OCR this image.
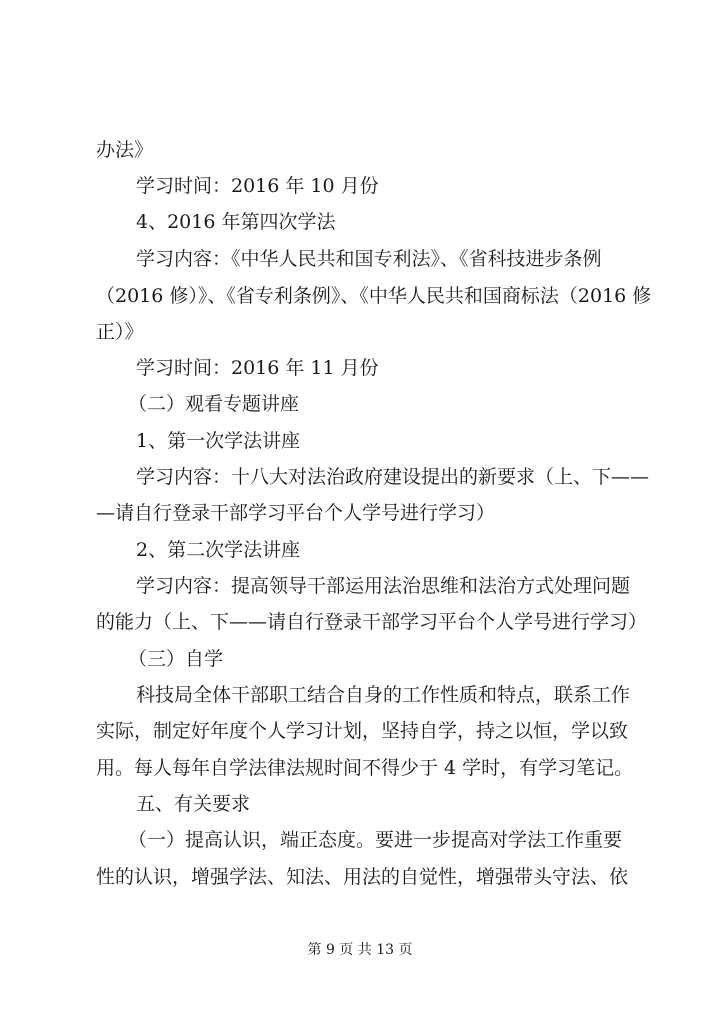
办法》
学习时间：2016 年 10 月份
4、2016 年第四次学法
学习内容：《中华人民共和国专利法》、《省科技进步条例
（2016 修）》、《省专利条例》、《中华人民共和国商标法（2016 修
正）》
学习时间：2016 年 11 月份
（二）观看专题讲座
1、第一次学法讲座
学习内容：十八大对法治政府建设提出的新要求（上、下——
—请自行登录干部学习平台个人学号进行学习）
2、第二次学法讲座
学习内容：提高领导干部运用法治思维和法治方式处理问题
的能力（上、下——请自行登录干部学习平台个人学号进行学习）
（三）自学
科技局全体干部职工结合自身的工作性质和特点，联系工作
实际，制定好年度个人学习计划，坚持自学，持之以恒，学以致
用。每人每年自学法律法规时间不得少于 4 学时，有学习笔记。
五、有关要求
（一）提高认识，端正态度。要进一步提高对学法工作重要
性的认识，增强学法、知法、用法的自觉性，增强带头守法、依
第 9 页 共 13 页
